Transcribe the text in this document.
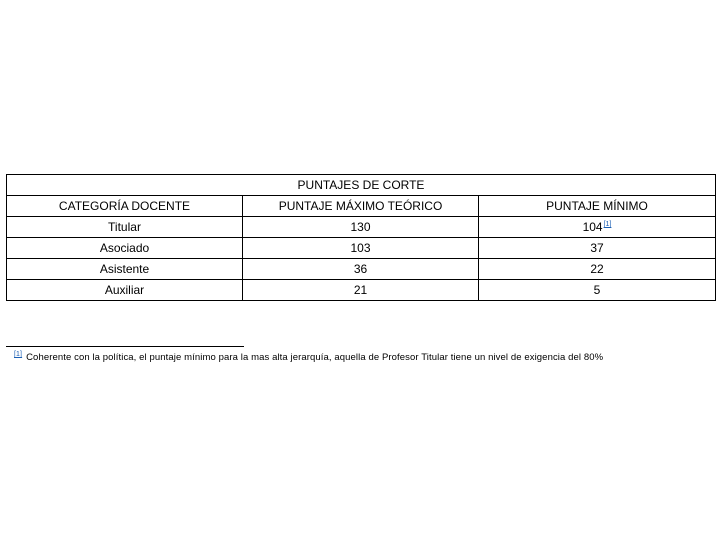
PUNTAJES DE CORTE		
CATEGORÍA DOCENTE	PUNTAJE MÁXIMO TEÓRICO	PUNTAJE MÍNIMO
Titular	130	104[1]
Asociado	103	37
Asistente	36	22
Auxiliar	21	5
[1] Coherente con la política, el puntaje mínimo para la mas alta jerarquía, aquella de Profesor Titular tiene un nivel de exigencia del 80%
